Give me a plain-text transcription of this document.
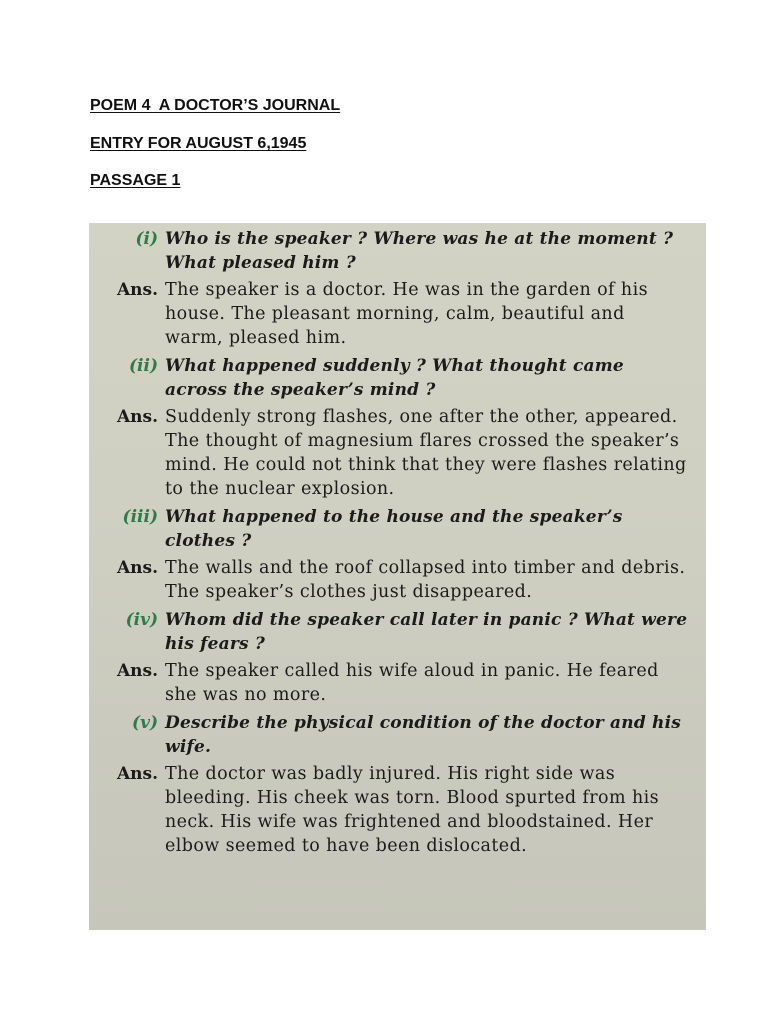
POEM 4  A DOCTOR’S JOURNAL

ENTRY FOR AUGUST 6,1945

PASSAGE 1

(i) Who is the speaker ? Where was he at the moment ? What pleased him ?
Ans. The speaker is a doctor. He was in the garden of his house. The pleasant morning, calm, beautiful and warm, pleased him.
(ii) What happened suddenly ? What thought came across the speaker’s mind ?
Ans. Suddenly strong flashes, one after the other, appeared. The thought of magnesium flares crossed the speaker’s mind. He could not think that they were flashes relating to the nuclear explosion.
(iii) What happened to the house and the speaker’s clothes ?
Ans. The walls and the roof collapsed into timber and debris. The speaker’s clothes just disappeared.
(iv) Whom did the speaker call later in panic ? What were his fears ?
Ans. The speaker called his wife aloud in panic. He feared she was no more.
(v) Describe the physical condition of the doctor and his wife.
Ans. The doctor was badly injured. His right side was bleeding. His cheek was torn. Blood spurted from his neck. His wife was frightened and bloodstained. Her elbow seemed to have been dislocated.
